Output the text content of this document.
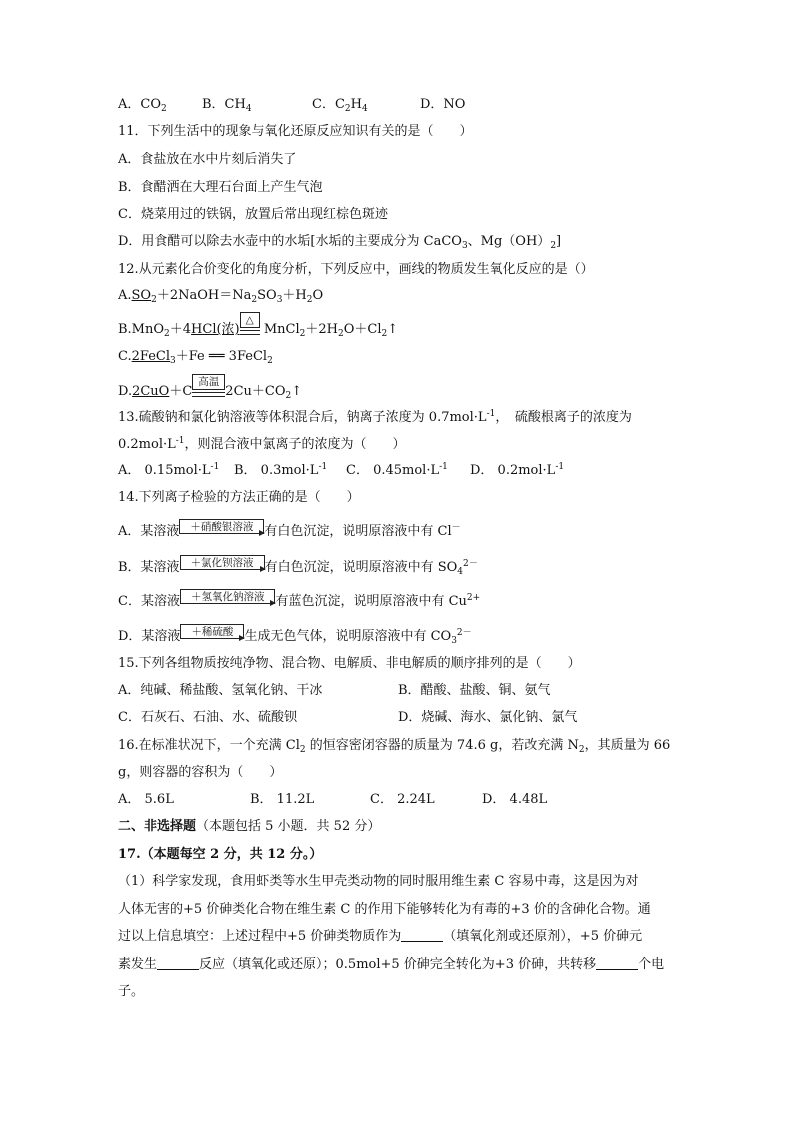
A．$CO_2$	B．$CH_4$	C．$C_2H_4$	D．NO
11．下列生活中的现象与氧化还原反应知识有关的是（　　）
A．食盐放在水中片刻后消失了
B．食醋洒在大理石台面上产生气泡
C．烧菜用过的铁锅，放置后常出现红棕色斑迹
D．用食醋可以除去水壶中的水垢[水垢的主要成分为 CaCO$_3$、$Mg(OH)_2$]
12.从元素化合价变化的角度分析，下列反应中，画线的物质发生氧化反应的是（）
$A.SO_2+2NaOH=Na_2SO_3+H_2O$
B.MnO$_2$＋4HCl(浓)
△
$MnCl_2+2H_2O+Cl_2↑$
C.2FeCl$_3$＋Fe ══ 3FeCl$_2$
D.2CuO＋C
高温
$2Cu+CO_2↑$
13.硫酸钠和氯化钠溶液等体积混合后，钠离子浓度为 $0.7mol\cdot L^{-1}$，　硫酸根离子的浓度为
$0.2mol\cdot L^{-1}$，则混合液中氯离子的浓度为（　　）
A． $0.15mol\cdot L^{-1}$ B． $0.3mol\cdot L^{-1}$ C． $0.45mol\cdot L^{-1}$ D． $0.2mol\cdot L^{-1}$
14.下列离子检验的方法正确的是（　　）
A．某溶液	＋硝酸银溶液 有白色沉淀，说明原溶液中有 Cl－
B．某溶液	＋氯化钡溶液 有白色沉淀，说明原溶液中有 $SO_4^{2-}$
C．某溶液	＋氢氧化钠溶液 有蓝色沉淀，说明原溶液中有 $Cu^{2+}$
D．某溶液	＋稀硫酸 生成无色气体，说明原溶液中有 $CO_3^{2-}$
15.下列各组物质按纯净物、混合物、电解质、非电解质的顺序排列的是（　　）
A．纯碱、稀盐酸、氢氧化钠、干冰	B．醋酸、盐酸、铜、氨气
C．石灰石、石油、水、硫酸钡	D．烧碱、海水、氯化钠、氯气
16.在标准状况下，一个充满 $Cl_2$ 的恒容密闭容器的质量为 74.6 g，若改充满 $N_2$，其质量为 66
g，则容器的容积为（　　）
A． 5.6L	B． 11.2L	C． 2.24L	D． 4.48L
二、非选择题（本题包括 5 小题．共 52 分）
17.（本题每空 2 分，共 12 分。）
（1）科学家发现，食用虾类等水生甲壳类动物的同时服用维生素 C 容易中毒，这是因为对
人体无害的+5 价砷类化合物在维生素 C 的作用下能够转化为有毒的+3 价的含砷化合物。通
过以上信息填空：上述过程中+5 价砷类物质作为	（填氧化剂或还原剂），+5 价砷元
素发生	反应（填氧化或还原）；0.5mol+5 价砷完全转化为+3 价砷，共转移	个电
子。
